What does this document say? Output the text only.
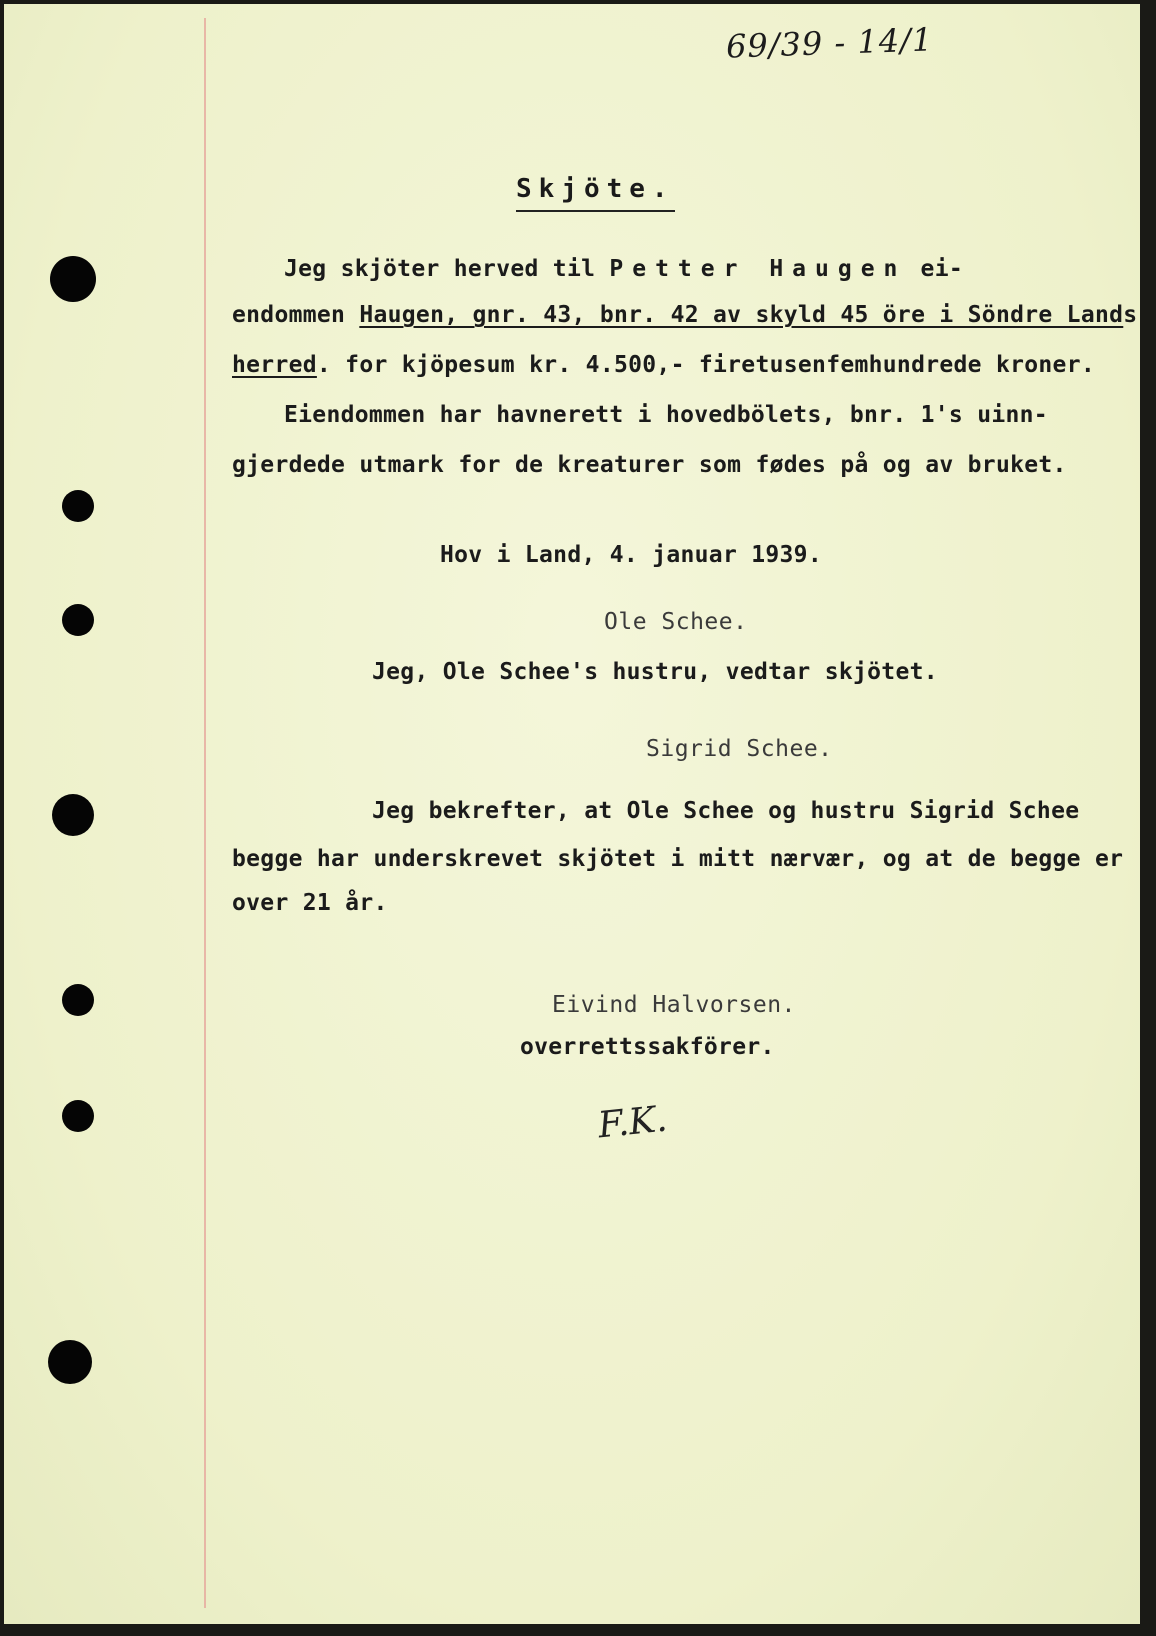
69/39 - 14/1
Skjöte.
Jeg skjöter herved til Petter Haugen ei-
endommen Haugen, gnr. 43, bnr. 42 av skyld 45 öre i Söndre Lands
herred. for kjöpesum kr. 4.500,- firetusenfemhundrede kroner.
Eiendommen har havnerett i hovedbölets, bnr. 1's uinn-
gjerdede utmark for de kreaturer som fødes på og av bruket.
Hov i Land, 4. januar 1939.
Ole Schee.
Jeg, Ole Schee's hustru, vedtar skjötet.
Sigrid Schee.
Jeg bekrefter, at Ole Schee og hustru Sigrid Schee
begge har underskrevet skjötet i mitt nærvær, og at de begge er
over 21 år.
Eivind Halvorsen.
overrettssakförer.
F.K.
